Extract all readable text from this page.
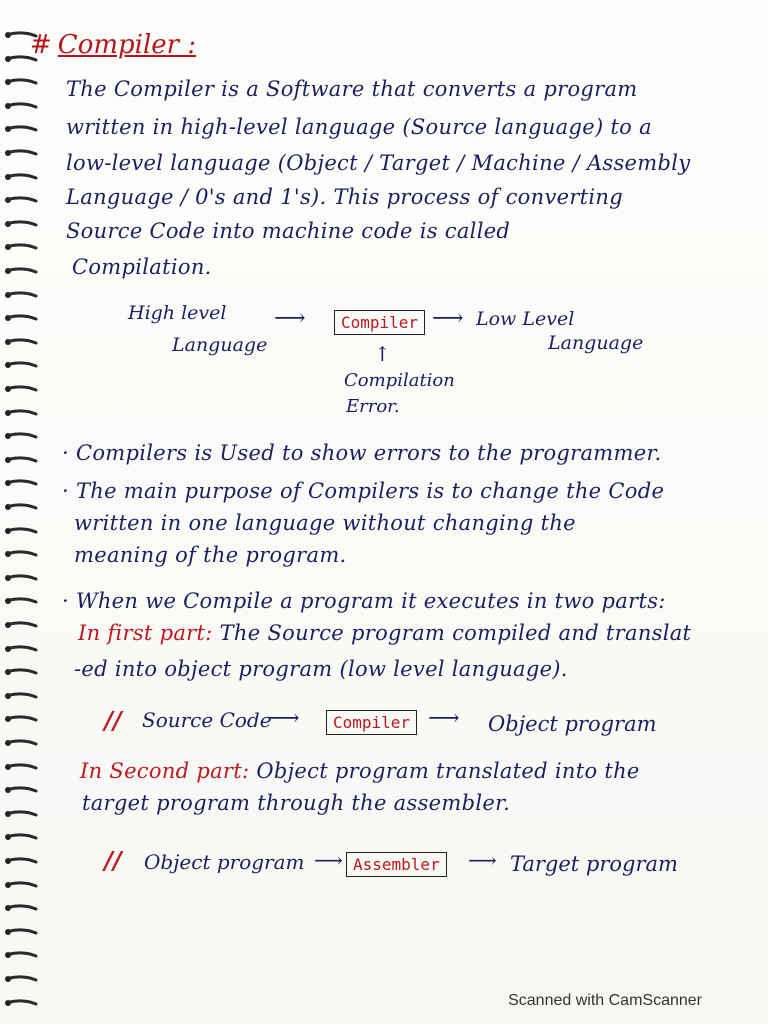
# Compiler :
The Compiler is a Software that converts a program
written in high-level language (Source language) to a
low-level language (Object / Target / Machine / Assembly
Language / 0's and 1's). This process of converting
Source Code into machine code is called
Compilation.
High level
Language
⟶	Compiler ⟶ Low Level
Language
↑
Compilation
Error.
· Compilers is Used to show errors to the programmer.
· The main purpose of Compilers is to change the Code
written in one language without changing the
meaning of the program.
· When we Compile a program it executes in two parts:
In first part: The Source program compiled and translat
-ed into object program (low level language).
// Source Code
⟶	Compiler ⟶ Object program
In Second part: Object program translated into the
target program through the assembler.
// Object program ⟶ Assembler	⟶ Target program
Scanned with CamScanner
